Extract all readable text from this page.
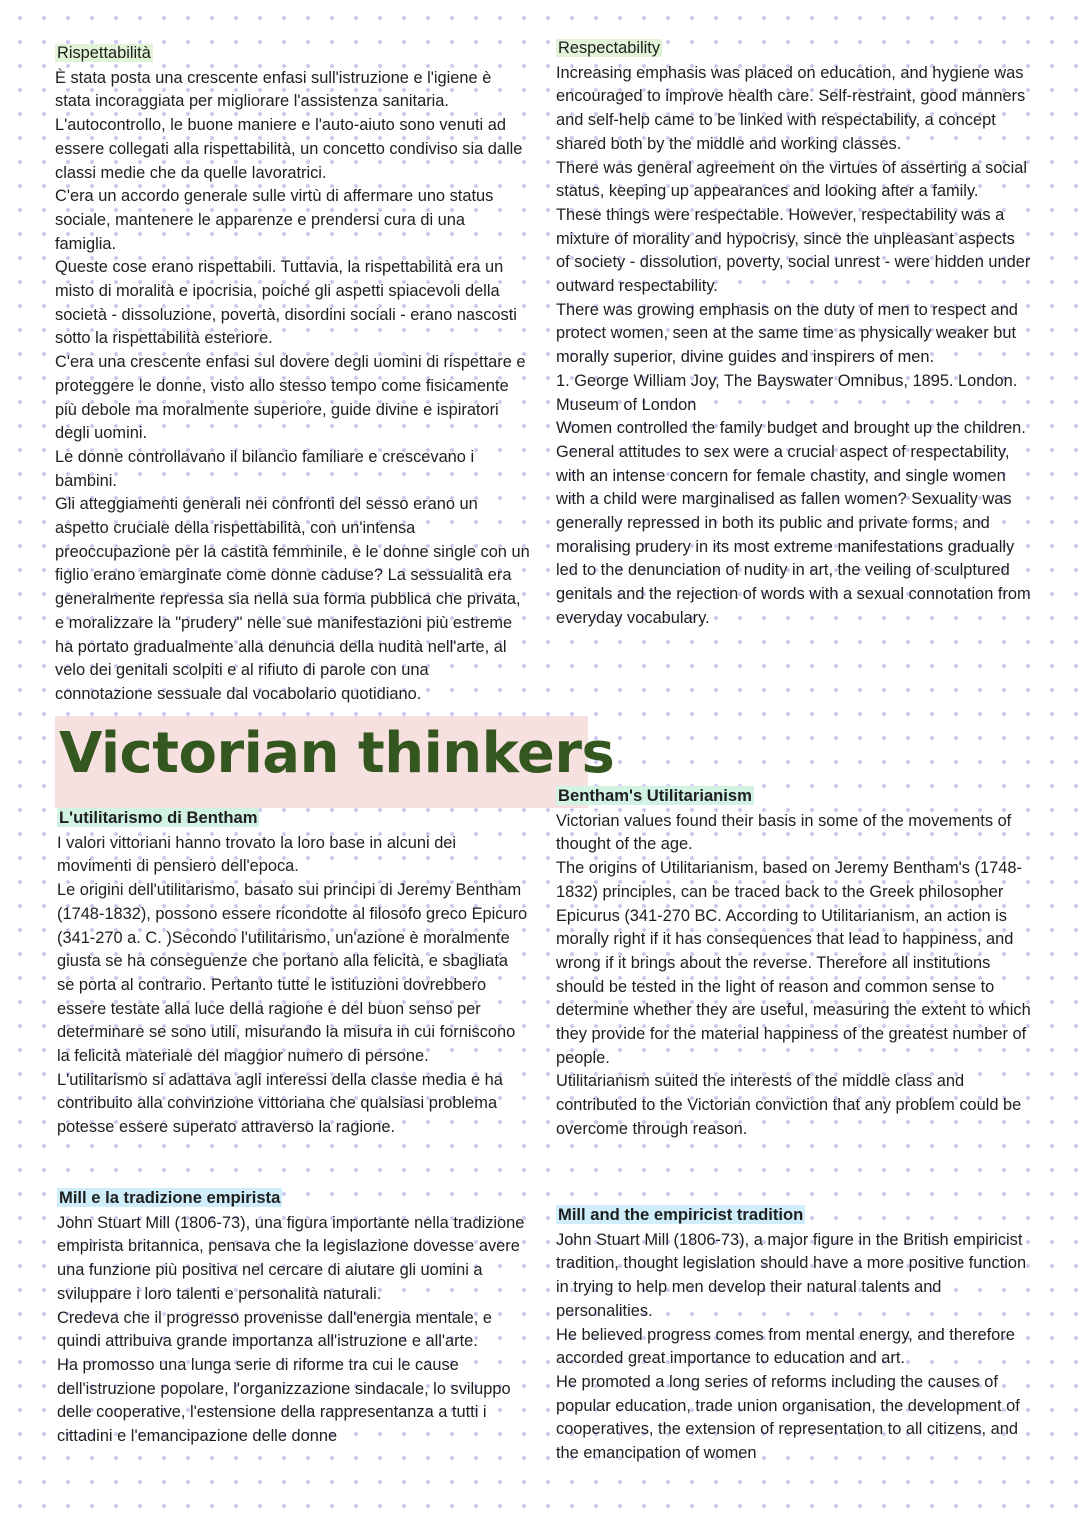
Rispettabilità

È stata posta una crescente enfasi sull'istruzione e l'igiene è stata incoraggiata per migliorare l'assistenza sanitaria.

L'autocontrollo, le buone maniere e l'auto-aiuto sono venuti ad essere collegati alla rispettabilità, un concetto condiviso sia dalle classi medie che da quelle lavoratrici.

C'era un accordo generale sulle virtù di affermare uno status sociale, mantenere le apparenze e prendersi cura di una famiglia.

Queste cose erano rispettabili. Tuttavia, la rispettabilità era un misto di moralità e ipocrisia, poiché gli aspetti spiacevoli della società - dissoluzione, povertà, disordini sociali - erano nascosti sotto la rispettabilità esteriore.

C'era una crescente enfasi sul dovere degli uomini di rispettare e proteggere le donne, visto allo stesso tempo come fisicamente più debole ma moralmente superiore, guide divine e ispiratori degli uomini.

Le donne controllavano il bilancio familiare e crescevano i bambini.

Gli atteggiamenti generali nei confronti del sesso erano un aspetto cruciale della rispettabilità, con un'intensa preoccupazione per la castità femminile, e le donne single con un figlio erano emarginate come donne caduse? La sessualità era generalmente repressa sia nella sua forma pubblica che privata, e moralizzare la "prudery" nelle sue manifestazioni più estreme ha portato gradualmente alla denuncia della nudità nell'arte, al velo dei genitali scolpiti e al rifiuto di parole con una connotazione sessuale dal vocabolario quotidiano.

Respectability

Increasing emphasis was placed on education, and hygiene was encouraged to improve health care. Self-restraint, good manners and self-help came to be linked with respectability, a concept shared both by the middle and working classes.

There was general agreement on the virtues of asserting a social status, keeping up appearances and looking after a family.

These things were respectable. However, respectability was a mixture of morality and hypocrisy, since the unpleasant aspects of society - dissolution, poverty, social unrest - were hidden under outward respectability.

There was growing emphasis on the duty of men to respect and protect women, seen at the same time as physically weaker but morally superior, divine guides and inspirers of men.

1. George William Joy, The Bayswater Omnibus, 1895. London. Museum of London

Women controlled the family budget and brought up the children.

General attitudes to sex were a crucial aspect of respectability, with an intense concern for female chastity, and single women with a child were marginalised as fallen women? Sexuality was generally repressed in both its public and private forms, and moralising prudery in its most extreme manifestations gradually led to the denunciation of nudity in art, the veiling of sculptured genitals and the rejection of words with a sexual connotation from everyday vocabulary.

Victorian thinkers
L'utilitarismo di Bentham

I valori vittoriani hanno trovato la loro base in alcuni dei movimenti di pensiero dell'epoca.

Le origini dell'utilitarismo, basato sui principi di Jeremy Bentham (1748-1832), possono essere ricondotte al filosofo greco Epicuro (341-270 a. C. )Secondo l'utilitarismo, un'azione è moralmente giusta se ha conseguenze che portano alla felicità, e sbagliata se porta al contrario. Pertanto tutte le istituzioni dovrebbero essere testate alla luce della ragione e del buon senso per determinare se sono utili, misurando la misura in cui forniscono la felicità materiale del maggior numero di persone.

L'utilitarismo si adattava agli interessi della classe media e ha contribuito alla convinzione vittoriana che qualsiasi problema potesse essere superato attraverso la ragione.

Bentham's Utilitarianism

Victorian values found their basis in some of the movements of thought of the age.

The origins of Utilitarianism, based on Jeremy Bentham's (1748-1832) principles, can be traced back to the Greek philosopher Epicurus (341-270 BC. According to Utilitarianism, an action is morally right if it has consequences that lead to happiness, and wrong if it brings about the reverse. Therefore all institutions should be tested in the light of reason and common sense to determine whether they are useful, measuring the extent to which they provide for the material happiness of the greatest number of people.

Utilitarianism suited the interests of the middle class and contributed to the Victorian conviction that any problem could be overcome through reason.

Mill e la tradizione empirista

John Stuart Mill (1806-73), una figura importante nella tradizione empirista britannica, pensava che la legislazione dovesse avere una funzione più positiva nel cercare di aiutare gli uomini a sviluppare i loro talenti e personalità naturali.

Credeva che il progresso provenisse dall'energia mentale, e quindi attribuiva grande importanza all'istruzione e all'arte.

Ha promosso una lunga serie di riforme tra cui le cause dell'istruzione popolare, l'organizzazione sindacale, lo sviluppo delle cooperative, l'estensione della rappresentanza a tutti i cittadini e l'emancipazione delle donne

Mill and the empiricist tradition

John Stuart Mill (1806-73), a major figure in the British empiricist tradition, thought legislation should have a more positive function in trying to help men develop their natural talents and personalities.

He believed progress comes from mental energy, and therefore accorded great importance to education and art.

He promoted a long series of reforms including the causes of popular education, trade union organisation, the development of cooperatives, the extension of representation to all citizens, and the emancipation of women
